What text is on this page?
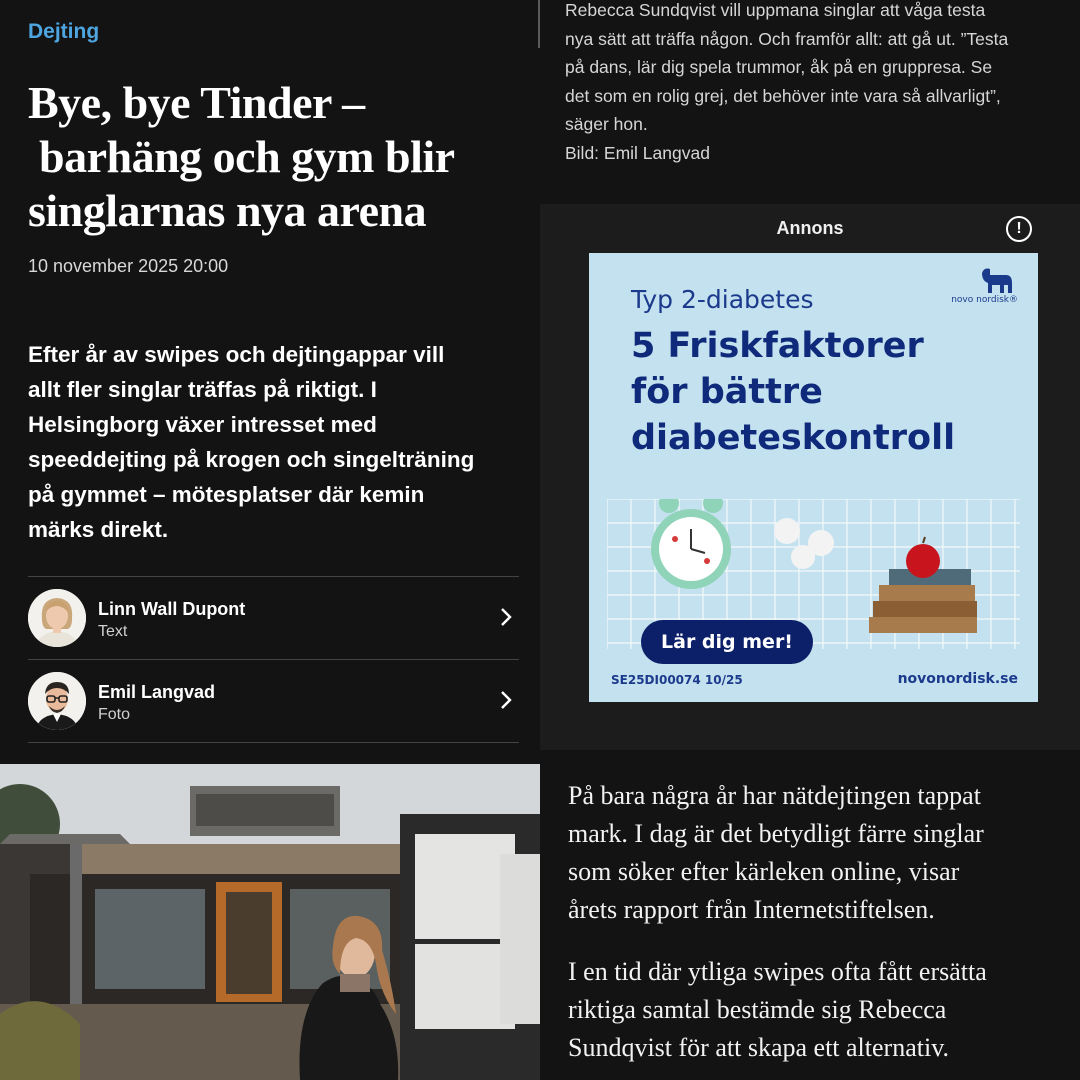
Dejting
Bye, bye Tinder –
barhäng och gym blir
singlarnas nya arena
10 november 2025 20:00
Efter år av swipes och dejtingappar vill
allt fler singlar träffas på riktigt. I
Helsingborg växer intresset med
speeddejting på krogen och singelträning
på gymmet – mötesplatser där kemin
märks direkt.
Linn Wall Dupont
Text
Emil Langvad
Foto
Rebecca Sundqvist vill uppmana singlar att våga testa
nya sätt att träffa någon. Och framför allt: att gå ut. ”Testa
på dans, lär dig spela trummor, åk på en gruppresa. Se
det som en rolig grej, det behöver inte vara så allvarligt”,
säger hon.
Bild: Emil Langvad
Annons	!
novo nordisk®
Typ 2-diabetes
5 Friskfaktorer
för bättre
diabeteskontroll
Lär dig mer!
SE25DI00074 10/25	novonordisk.se
På bara några år har nätdejtingen tappat
mark. I dag är det betydligt färre singlar
som söker efter kärleken online, visar
årets rapport från Internetstiftelsen.
I en tid där ytliga swipes ofta fått ersätta
riktiga samtal bestämde sig Rebecca
Sundqvist för att skapa ett alternativ.
